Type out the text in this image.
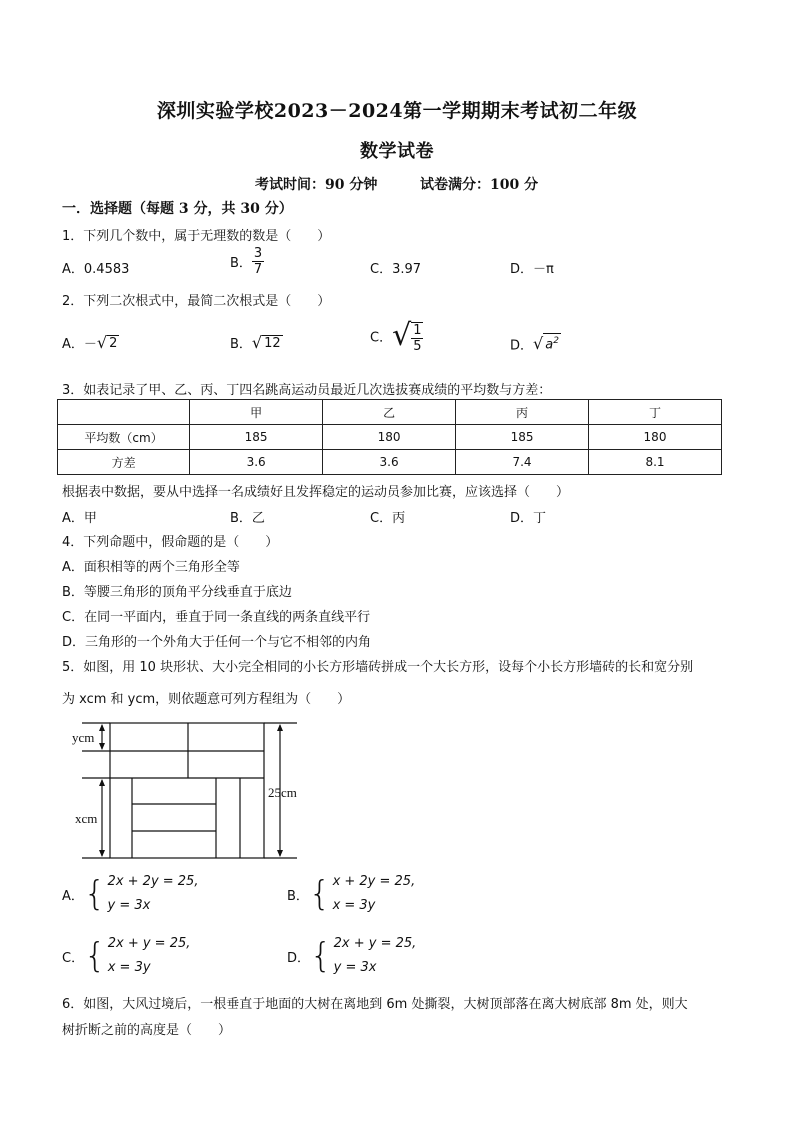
深圳实验学校2023－2024第一学期期末考试初二年级
数学试卷
考试时间：90 分钟	试卷满分：100 分
一．选择题（每题 3 分，共 30 分）
1．下列几个数中，属于无理数的数是（　　）
A．0.4583	B． $\frac{3}{7}$	C．3.97	D．－π
2．下列二次根式中，最简二次根式是（　　）
A．－ √ 2	B． √ 12	C． √ $\frac{1}{5}$	D． √ $a^2$
3．如表记录了甲、乙、丙、丁四名跳高运动员最近几次选拔赛成绩的平均数与方差：
	甲	乙	丙	丁
平均数（cm）	185	180	185	180
方差	3.6	3.6	7.4	8.1
根据表中数据，要从中选择一名成绩好且发挥稳定的运动员参加比赛，应该选择（　　）
A．甲	B．乙	C．丙	D．丁
4．下列命题中，假命题的是（　　）
A．面积相等的两个三角形全等
B．等腰三角形的顶角平分线垂直于底边
C．在同一平面内，垂直于同一条直线的两条直线平行
D．三角形的一个外角大于任何一个与它不相邻的内角
5．如图，用 10 块形状、大小完全相同的小长方形墙砖拼成一个大长方形，设每个小长方形墙砖的长和宽分别
为 xcm 和 ycm，则依题意可列方程组为（　　）
ycm
xcm
25cm
A． { 2x + 2y = 25,
y = 3x
B． { x + 2y = 25,
x = 3y
C． { 2x + y = 25,
x = 3y
D． { 2x + y = 25,
y = 3x
6．如图，大风过境后，一根垂直于地面的大树在离地到 6m 处撕裂，大树顶部落在离大树底部 8m 处，则大
树折断之前的高度是（　　）
